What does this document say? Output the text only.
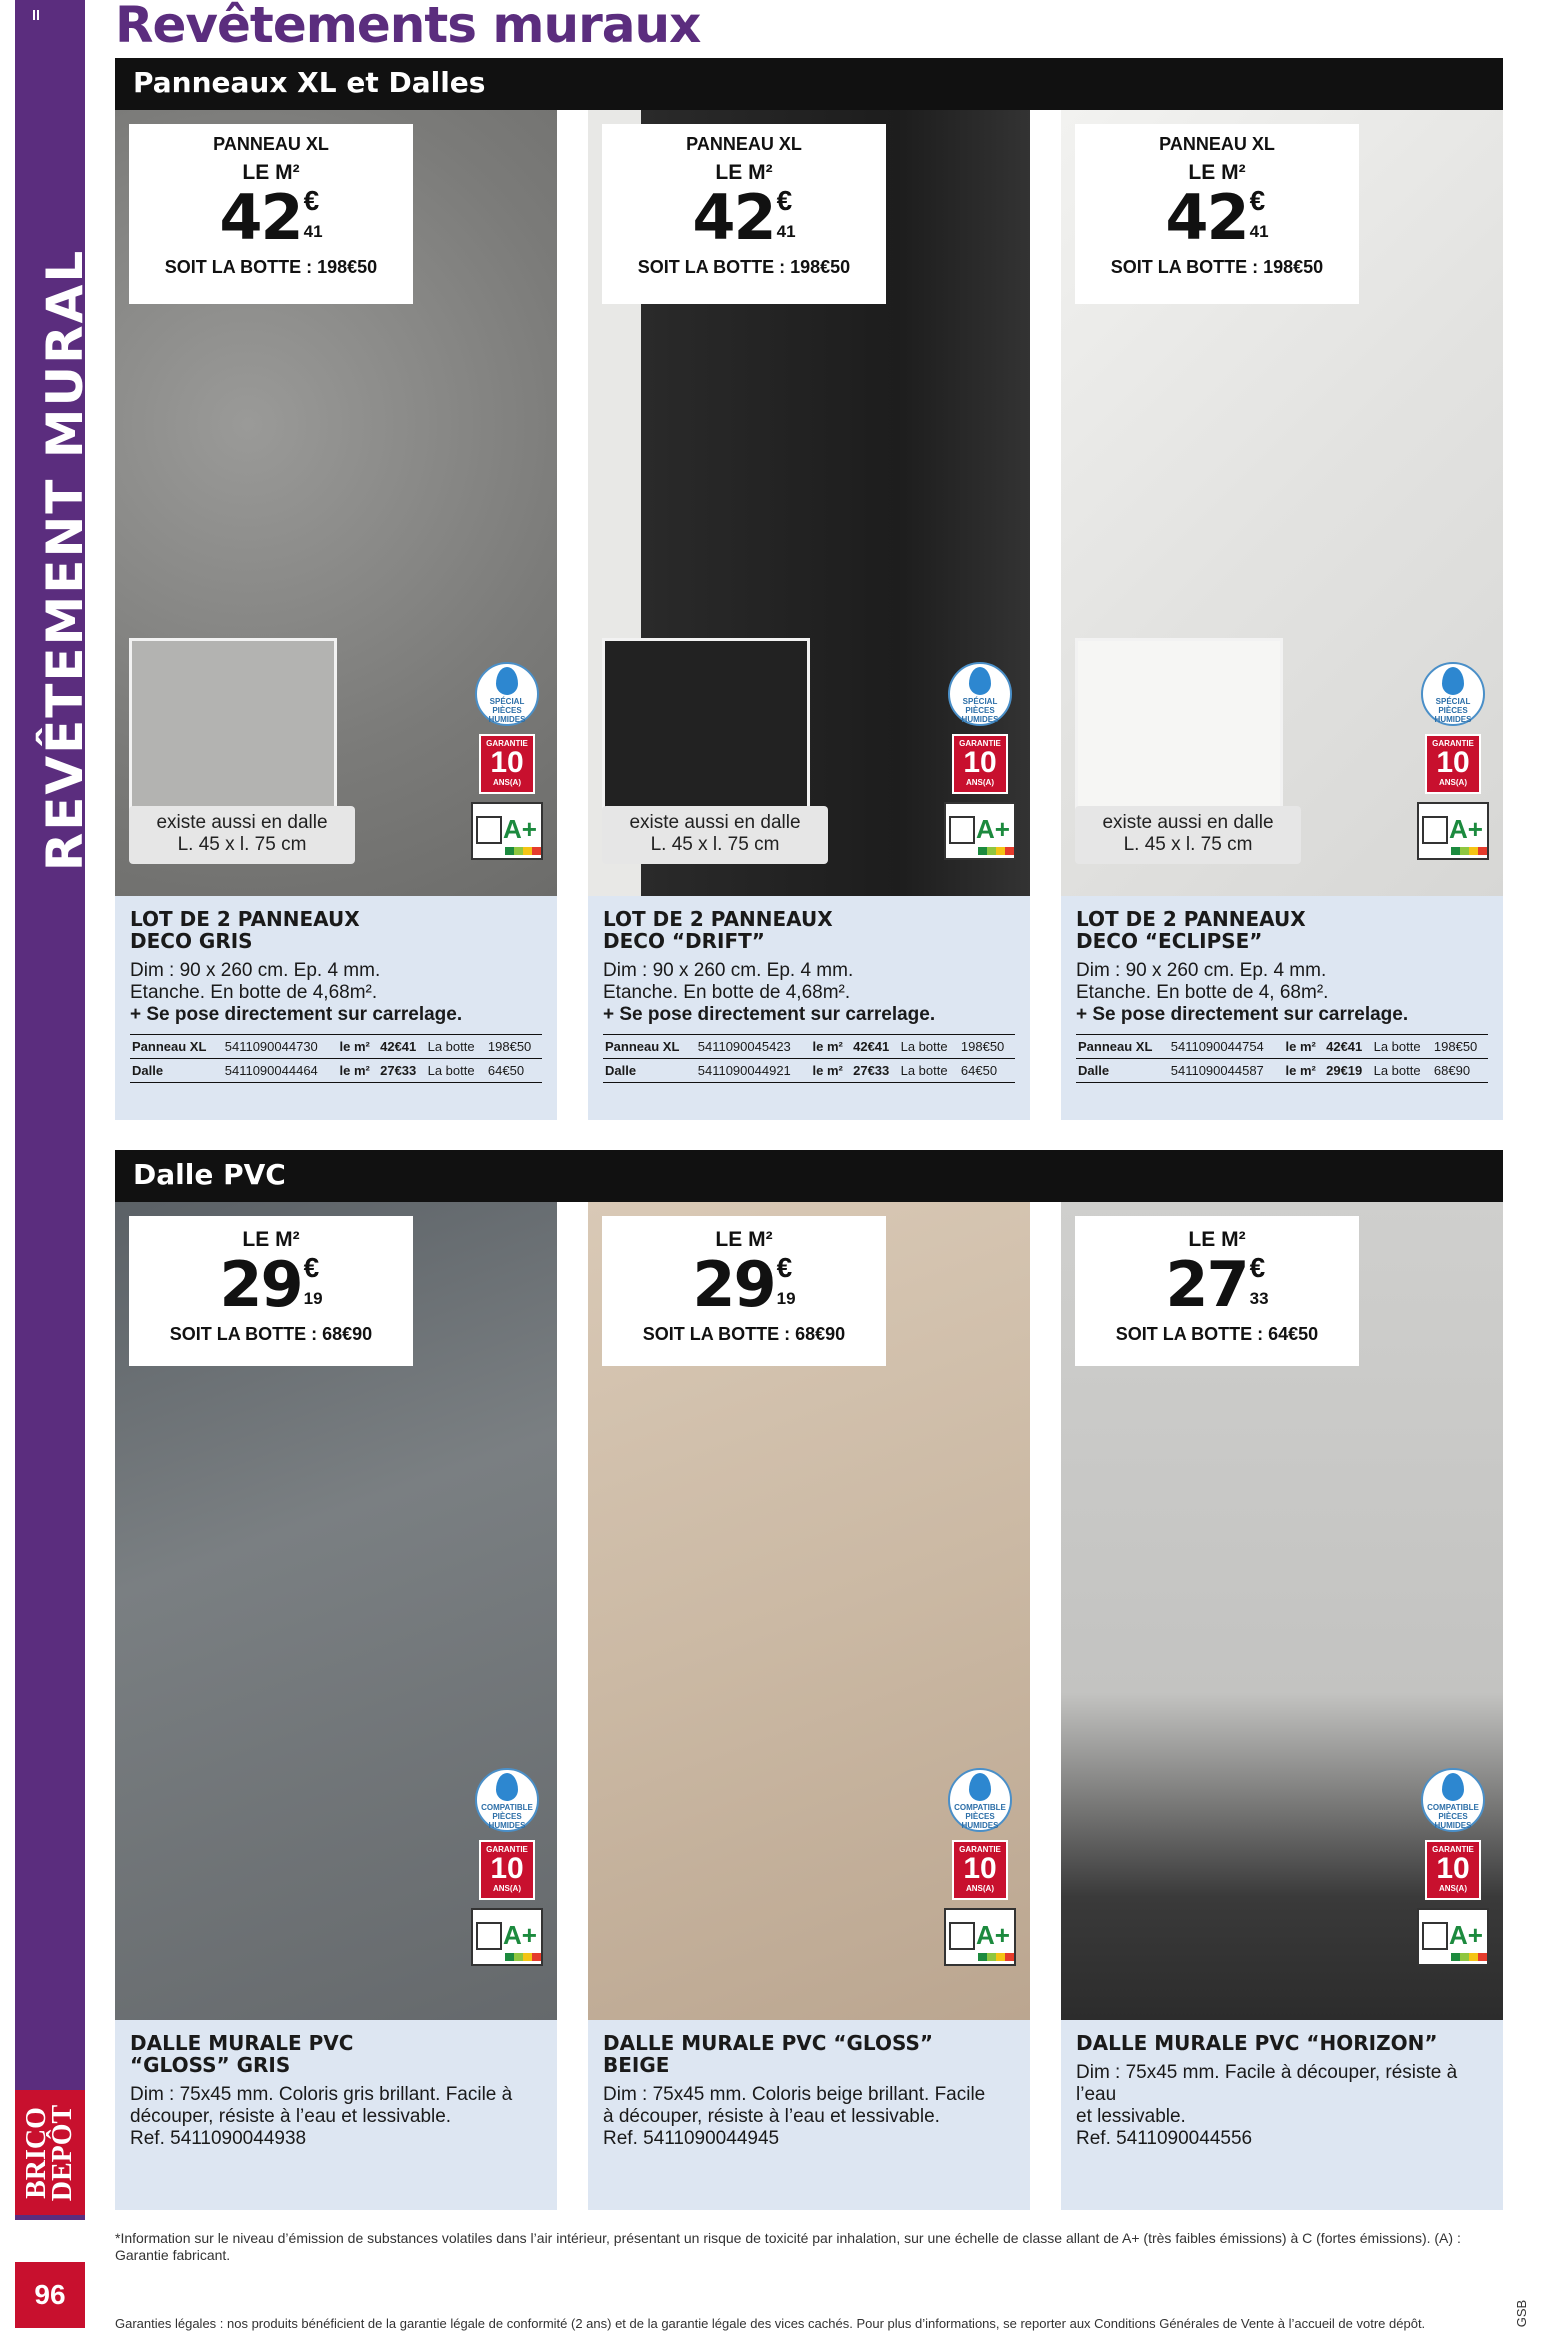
REVÊTEMENT MURAL
BRICO
DEPÔT
96
Revêtements muraux
Panneaux XL et Dalles
PANNEAU XL
LE M²
42 €
41
SOIT LA BOTTE : 198€50
existe aussi en dalle
L. 45 x l. 75 cm
SPÉCIAL PIÈCES HUMIDES
GARANTIE
10
ANS(A)
A+
LOT DE 2 PANNEAUX
DECO GRIS
Dim : 90 x 260 cm. Ep. 4 mm.
Etanche. En botte de 4,68m².
+ Se pose directement sur carrelage.
Panneau XL	5411090044730	le m²	42€41	La botte	198€50
Dalle	5411090044464	le m²	27€33	La botte	64€50
PANNEAU XL
LE M²
42 €
41
SOIT LA BOTTE : 198€50
existe aussi en dalle
L. 45 x l. 75 cm
SPÉCIAL PIÈCES HUMIDES
GARANTIE
10
ANS(A)
A+
LOT DE 2 PANNEAUX
DECO “DRIFT”
Dim : 90 x 260 cm. Ep. 4 mm.
Etanche. En botte de 4,68m².
+ Se pose directement sur carrelage.
Panneau XL	5411090045423	le m²	42€41	La botte	198€50
Dalle	5411090044921	le m²	27€33	La botte	64€50
PANNEAU XL
LE M²
42 €
41
SOIT LA BOTTE : 198€50
existe aussi en dalle
L. 45 x l. 75 cm
SPÉCIAL PIÈCES HUMIDES
GARANTIE
10
ANS(A)
A+
LOT DE 2 PANNEAUX
DECO “ECLIPSE”
Dim : 90 x 260 cm. Ep. 4 mm.
Etanche. En botte de 4, 68m².
+ Se pose directement sur carrelage.
Panneau XL	5411090044754	le m²	42€41	La botte	198€50
Dalle	5411090044587	le m²	29€19	La botte	68€90
Dalle PVC
LE M²
29 €
19
SOIT LA BOTTE : 68€90
COMPATIBLE PIÈCES HUMIDES
GARANTIE
10
ANS(A)
A+
DALLE MURALE PVC
“GLOSS” GRIS
Dim : 75x45 mm. Coloris gris brillant. Facile à
découper, résiste à l’eau et lessivable.
Ref. 5411090044938
LE M²
29 €
19
SOIT LA BOTTE : 68€90
COMPATIBLE PIÈCES HUMIDES
GARANTIE
10
ANS(A)
A+
DALLE MURALE PVC “GLOSS”
BEIGE
Dim : 75x45 mm. Coloris beige brillant. Facile
à découper, résiste à l’eau et lessivable.
Ref. 5411090044945
LE M²
27 €
33
SOIT LA BOTTE : 64€50
COMPATIBLE PIÈCES HUMIDES
GARANTIE
10
ANS(A)
A+
DALLE MURALE PVC “HORIZON”
Dim : 75x45 mm. Facile à découper, résiste à l’eau
et lessivable.
Ref. 5411090044556
*Information sur le niveau d’émission de substances volatiles dans l’air intérieur, présentant un risque de toxicité par inhalation, sur une échelle de classe allant de A+ (très faibles émissions) à C (fortes émissions). (A) : Garantie fabricant.
Garanties légales : nos produits bénéficient de la garantie légale de conformité (2 ans) et de la garantie légale des vices cachés. Pour plus d’informations, se reporter aux Conditions Générales de Vente à l’accueil de votre dépôt.	GSB
